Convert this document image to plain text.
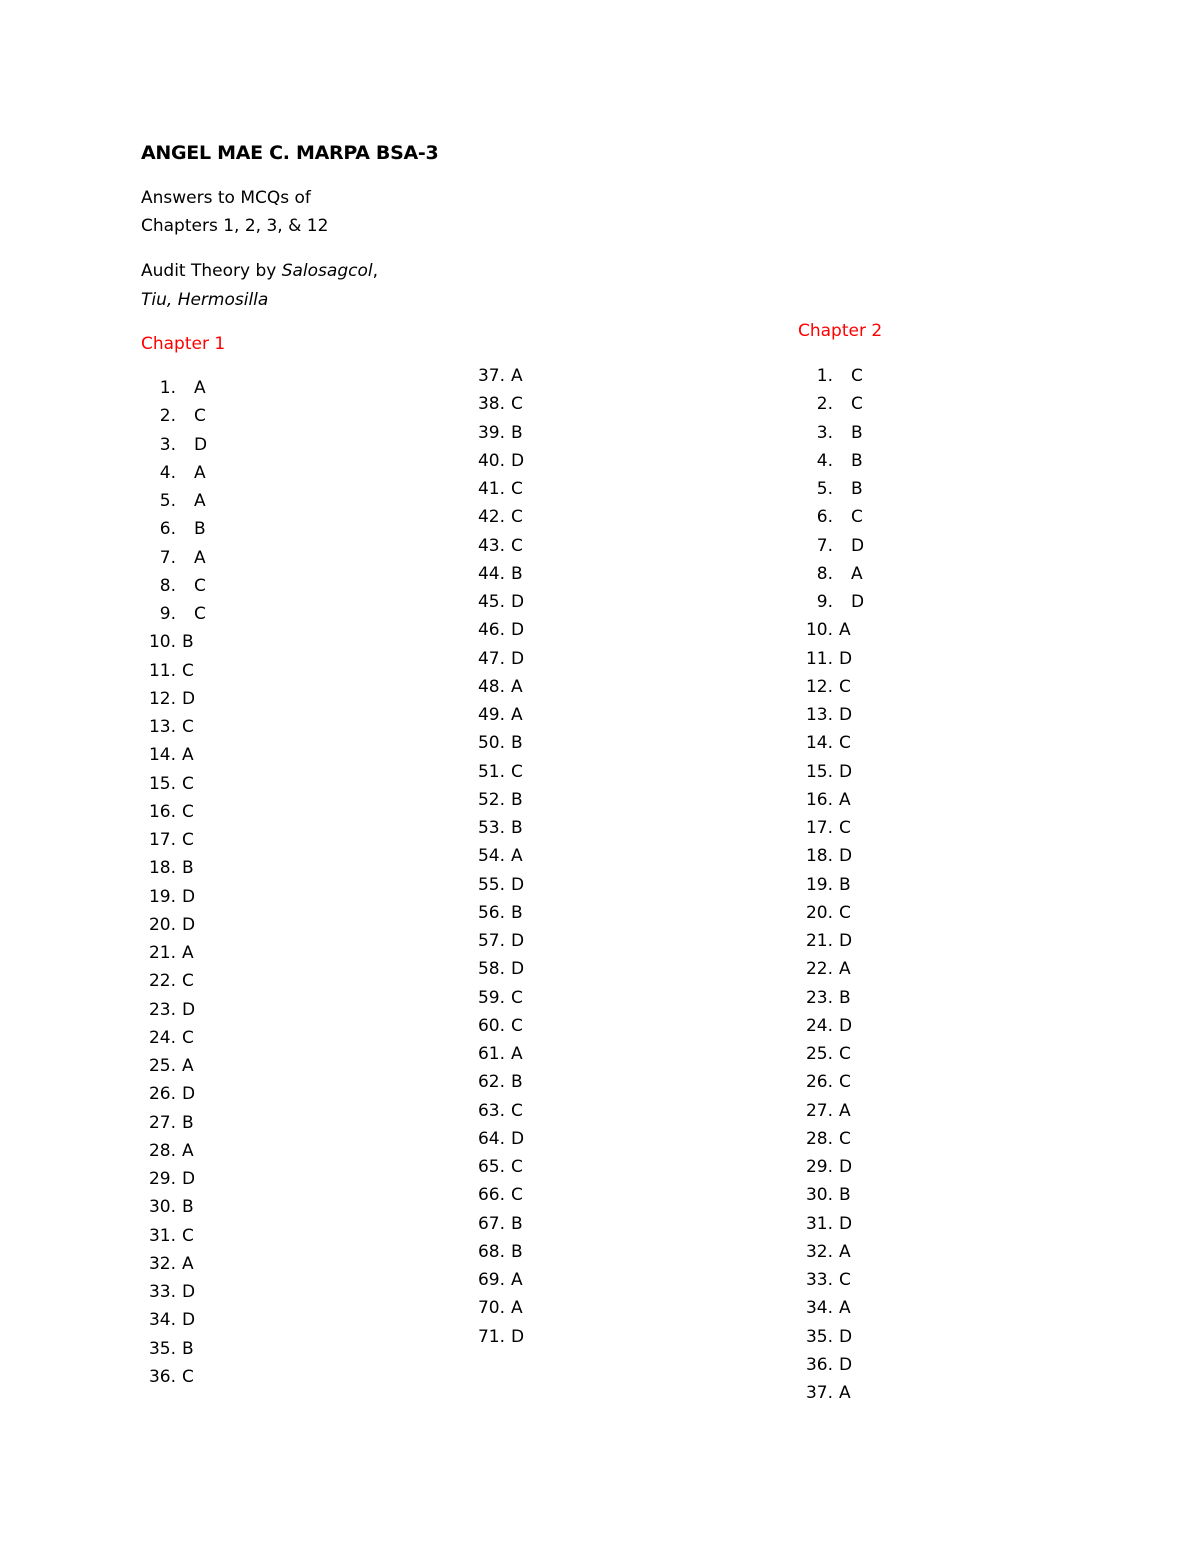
ANGEL MAE C. MARPA BSA-3

Answers to MCQs of

Chapters 1, 2, 3, & 12

Audit Theory by Salosagcol,

Tiu, Hermosilla

Chapter 1

Chapter 2

1. A
2. C
3. D
4. A
5. A
6. B
7. A
8. C
9. C
10. B
11. C
12. D
13. C
14. A
15. C
16. C
17. C
18. B
19. D
20. D
21. A
22. C
23. D
24. C
25. A
26. D
27. B
28. A
29. D
30. B
31. C
32. A
33. D
34. D
35. B
36. C
37. A
38. C
39. B
40. D
41. C
42. C
43. C
44. B
45. D
46. D
47. D
48. A
49. A
50. B
51. C
52. B
53. B
54. A
55. D
56. B
57. D
58. D
59. C
60. C
61. A
62. B
63. C
64. D
65. C
66. C
67. B
68. B
69. A
70. A
71. D
1. C
2. C
3. B
4. B
5. B
6. C
7. D
8. A
9. D
10. A
11. D
12. C
13. D
14. C
15. D
16. A
17. C
18. D
19. B
20. C
21. D
22. A
23. B
24. D
25. C
26. C
27. A
28. C
29. D
30. B
31. D
32. A
33. C
34. A
35. D
36. D
37. A
